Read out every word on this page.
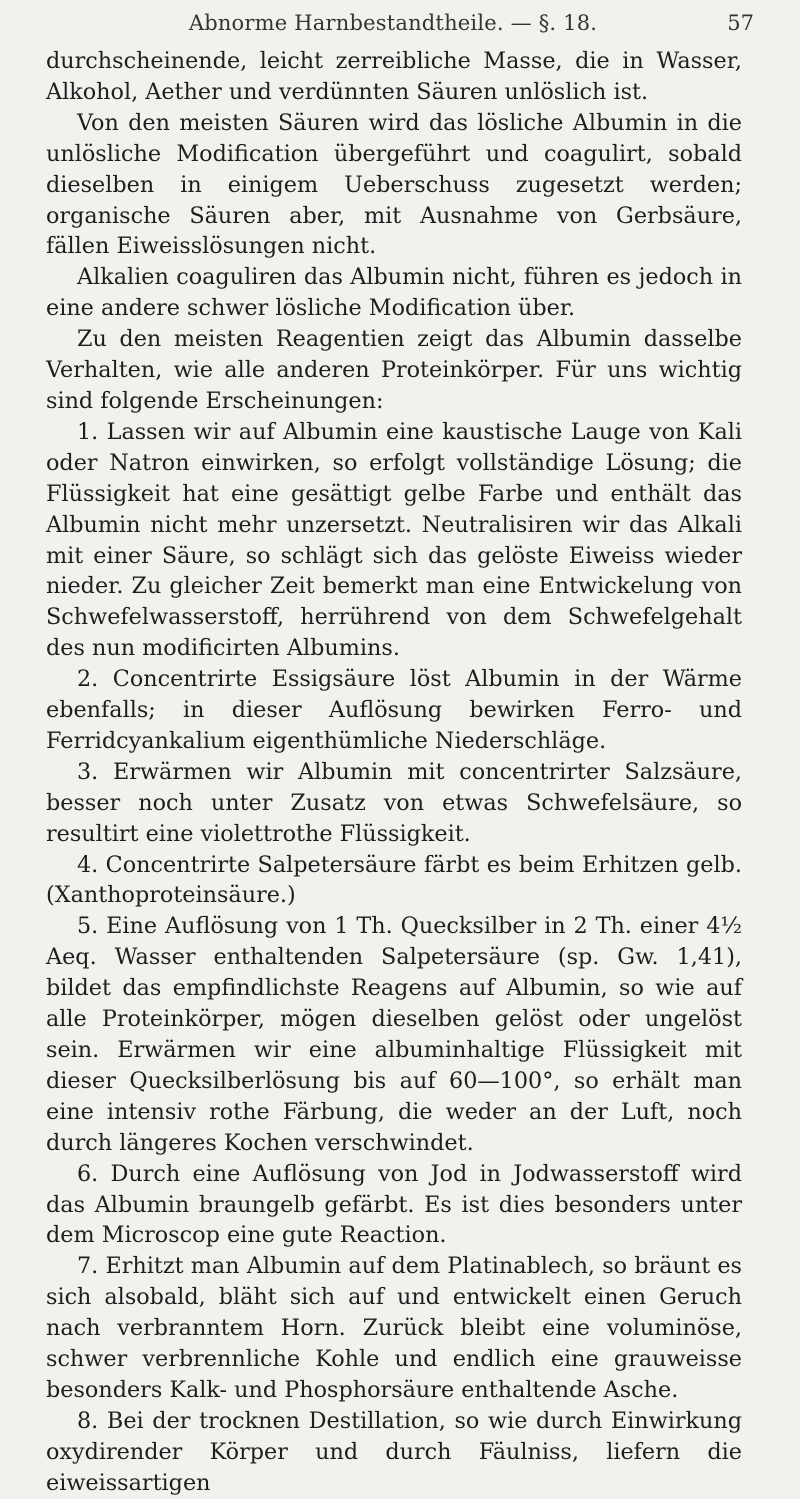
Abnorme Harnbestandtheile. — §. 18.	57

durchscheinende, leicht zerreibliche Masse, die in Wasser, Alkohol, Aether und verdünnten Säuren unlöslich ist.

Von den meisten Säuren wird das lösliche Albumin in die unlösliche Modification übergeführt und coagulirt, sobald dieselben in einigem Ueberschuss zugesetzt werden; organische Säuren aber, mit Ausnahme von Gerbsäure, fällen Eiweisslösungen nicht.

Alkalien coaguliren das Albumin nicht, führen es jedoch in eine andere schwer lösliche Modification über.

Zu den meisten Reagentien zeigt das Albumin dasselbe Verhalten, wie alle anderen Proteinkörper. Für uns wichtig sind folgende Erscheinungen:

1. Lassen wir auf Albumin eine kaustische Lauge von Kali oder Natron einwirken, so erfolgt vollständige Lösung; die Flüssigkeit hat eine gesättigt gelbe Farbe und enthält das Albumin nicht mehr unzersetzt. Neutralisiren wir das Alkali mit einer Säure, so schlägt sich das gelöste Eiweiss wieder nieder. Zu gleicher Zeit bemerkt man eine Entwickelung von Schwefelwasserstoff, herrührend von dem Schwefelgehalt des nun modificirten Albumins.

2. Concentrirte Essigsäure löst Albumin in der Wärme ebenfalls; in dieser Auflösung bewirken Ferro- und Ferridcyankalium eigenthümliche Niederschläge.

3. Erwärmen wir Albumin mit concentrirter Salzsäure, besser noch unter Zusatz von etwas Schwefelsäure, so resultirt eine violettrothe Flüssigkeit.

4. Concentrirte Salpetersäure färbt es beim Erhitzen gelb. (Xanthoproteinsäure.)

5. Eine Auflösung von 1 Th. Quecksilber in 2 Th. einer 4½ Aeq. Wasser enthaltenden Salpetersäure (sp. Gw. 1,41), bildet das empfindlichste Reagens auf Albumin, so wie auf alle Proteinkörper, mögen dieselben gelöst oder ungelöst sein. Erwärmen wir eine albuminhaltige Flüssigkeit mit dieser Quecksilberlösung bis auf 60—100°, so erhält man eine intensiv rothe Färbung, die weder an der Luft, noch durch längeres Kochen verschwindet.

6. Durch eine Auflösung von Jod in Jodwasserstoff wird das Albumin braungelb gefärbt. Es ist dies besonders unter dem Microscop eine gute Reaction.

7. Erhitzt man Albumin auf dem Platinablech, so bräunt es sich alsobald, bläht sich auf und entwickelt einen Geruch nach verbranntem Horn. Zurück bleibt eine voluminöse, schwer verbrennliche Kohle und endlich eine grauweisse besonders Kalk- und Phosphorsäure enthaltende Asche.

8. Bei der trocknen Destillation, so wie durch Einwirkung oxydirender Körper und durch Fäulniss, liefern die eiweissartigen
